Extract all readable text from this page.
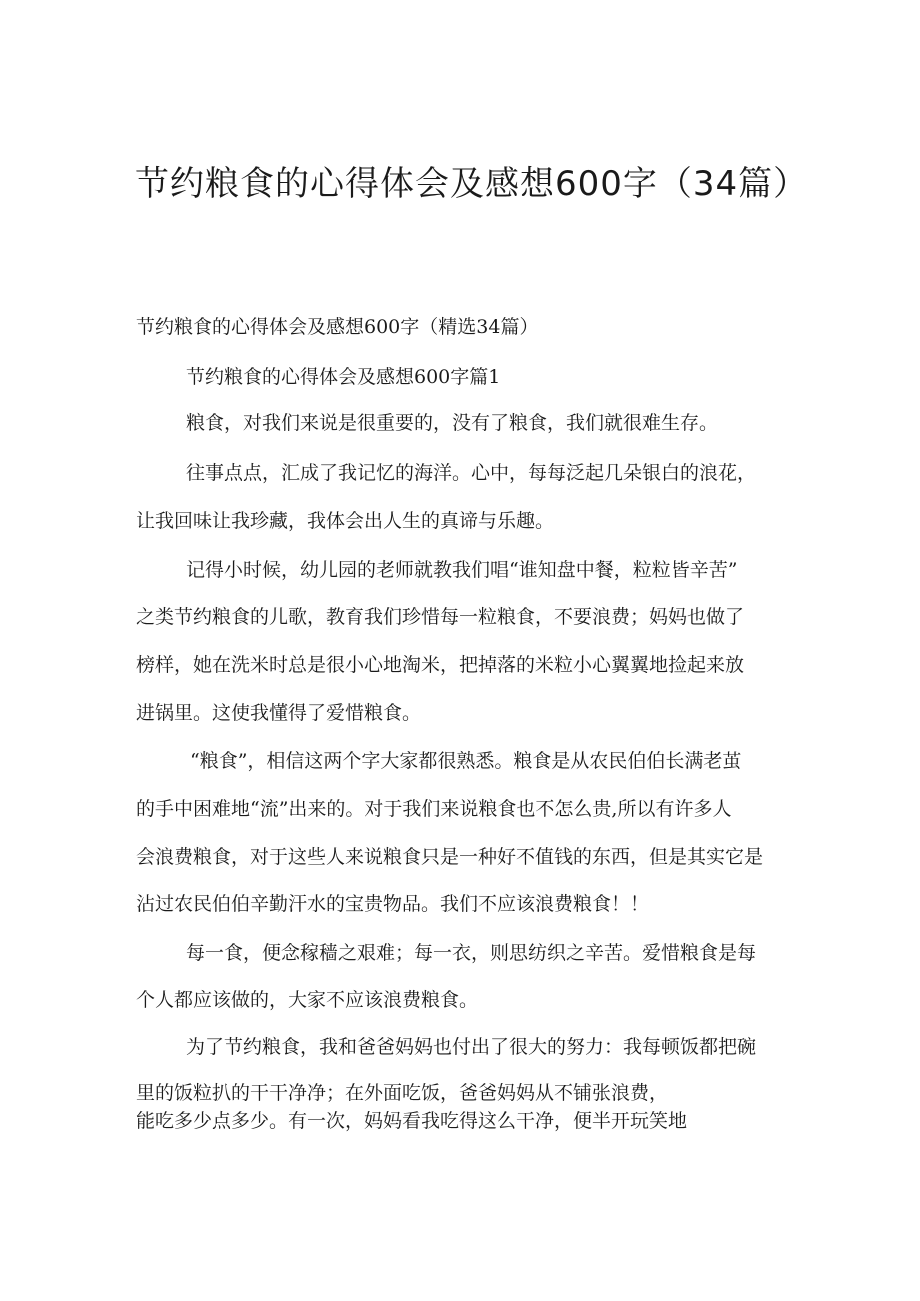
节约粮食的心得体会及感想600字（34篇）
节约粮食的心得体会及感想600字（精选34篇）
节约粮食的心得体会及感想600字篇1
粮食，对我们来说是很重要的，没有了粮食，我们就很难生存。
往事点点，汇成了我记忆的海洋。心中，每每泛起几朵银白的浪花，
让我回味让我珍藏，我体会出人生的真谛与乐趣。
记得小时候，幼儿园的老师就教我们唱“谁知盘中餐，粒粒皆辛苦”
之类节约粮食的儿歌，教育我们珍惜每一粒粮食，不要浪费；妈妈也做了
榜样，她在洗米时总是很小心地淘米，把掉落的米粒小心翼翼地捡起来放
进锅里。这使我懂得了爱惜粮食。
“粮食”，相信这两个字大家都很熟悉。粮食是从农民伯伯长满老茧
的手中困难地“流”出来的。对于我们来说粮食也不怎么贵,所以有许多人
会浪费粮食，对于这些人来说粮食只是一种好不值钱的东西，但是其实它是
沾过农民伯伯辛勤汗水的宝贵物品。我们不应该浪费粮食！！
每一食，便念稼穑之艰难；每一衣，则思纺织之辛苦。爱惜粮食是每
个人都应该做的，大家不应该浪费粮食。
为了节约粮食，我和爸爸妈妈也付出了很大的努力：我每顿饭都把碗
里的饭粒扒的干干净净；在外面吃饭，爸爸妈妈从不铺张浪费，
能吃多少点多少。有一次，妈妈看我吃得这么干净，便半开玩笑地
